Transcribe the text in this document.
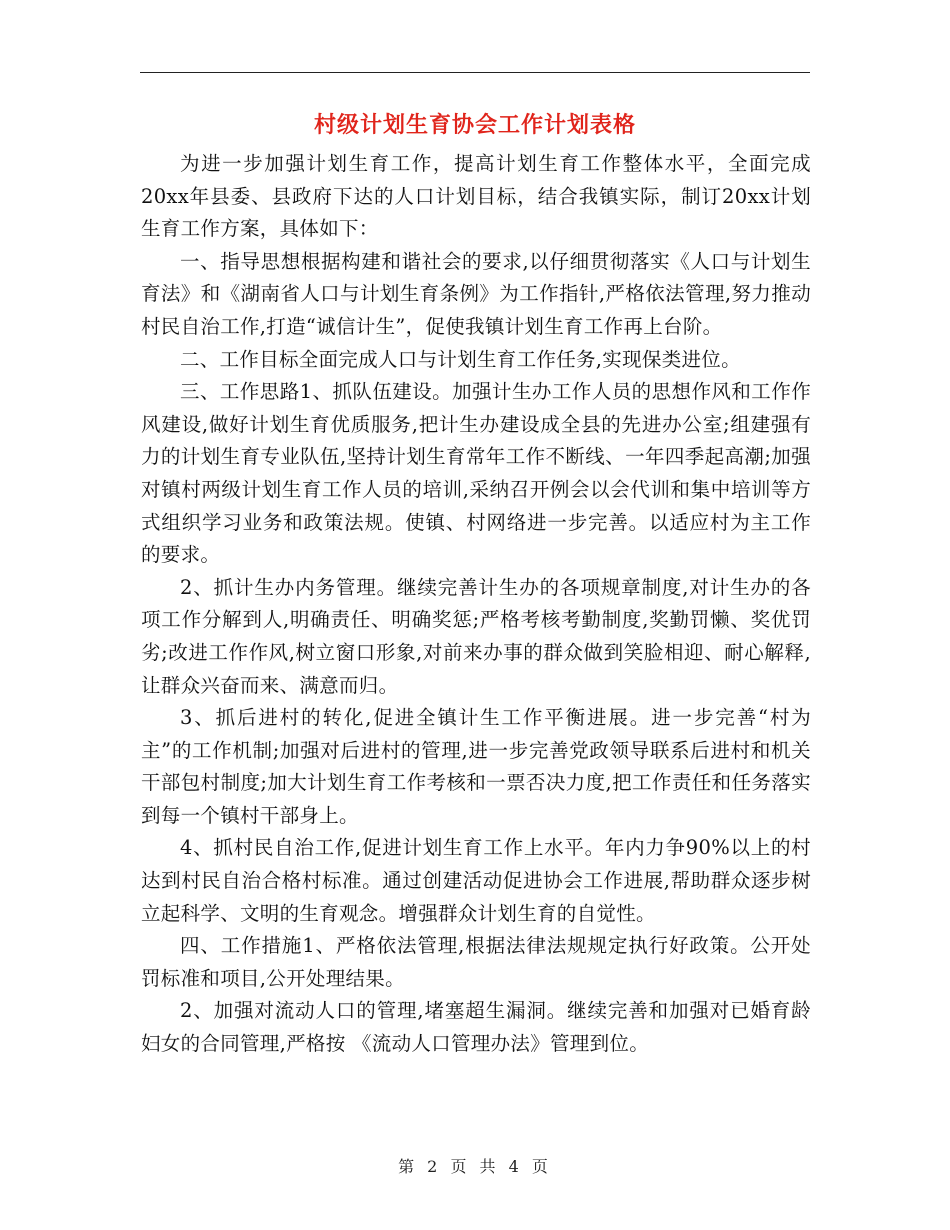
村级计划生育协会工作计划表格

为进一步加强计划生育工作，提高计划生育工作整体水平，全面完成20xx年县委、县政府下达的人口计划目标，结合我镇实际，制订20xx计划生育工作方案，具体如下：

一、指导思想根据构建和谐社会的要求,以仔细贯彻落实《人口与计划生育法》和《湖南省人口与计划生育条例》为工作指针,严格依法管理,努力推动村民自治工作,打造“诚信计生”，促使我镇计划生育工作再上台阶。

二、工作目标全面完成人口与计划生育工作任务,实现保类进位。

三、工作思路1、抓队伍建设。加强计生办工作人员的思想作风和工作作风建设,做好计划生育优质服务,把计生办建设成全县的先进办公室;组建强有力的计划生育专业队伍,坚持计划生育常年工作不断线、一年四季起高潮;加强对镇村两级计划生育工作人员的培训,采纳召开例会以会代训和集中培训等方式组织学习业务和政策法规。使镇、村网络进一步完善。以适应村为主工作的要求。

2、抓计生办内务管理。继续完善计生办的各项规章制度,对计生办的各项工作分解到人,明确责任、明确奖惩;严格考核考勤制度,奖勤罚懒、奖优罚劣;改进工作作风,树立窗口形象,对前来办事的群众做到笑脸相迎、耐心解释,让群众兴奋而来、满意而归。

3、抓后进村的转化,促进全镇计生工作平衡进展。进一步完善“村为主”的工作机制;加强对后进村的管理,进一步完善党政领导联系后进村和机关干部包村制度;加大计划生育工作考核和一票否决力度,把工作责任和任务落实到每一个镇村干部身上。

4、抓村民自治工作,促进计划生育工作上水平。年内力争90%以上的村达到村民自治合格村标准。通过创建活动促进协会工作进展,帮助群众逐步树立起科学、文明的生育观念。增强群众计划生育的自觉性。

四、工作措施1、严格依法管理,根据法律法规规定执行好政策。公开处罚标准和项目,公开处理结果。

2、加强对流动人口的管理,堵塞超生漏洞。继续完善和加强对已婚育龄妇女的合同管理,严格按 《流动人口管理办法》管理到位。

第 2 页 共 4 页
